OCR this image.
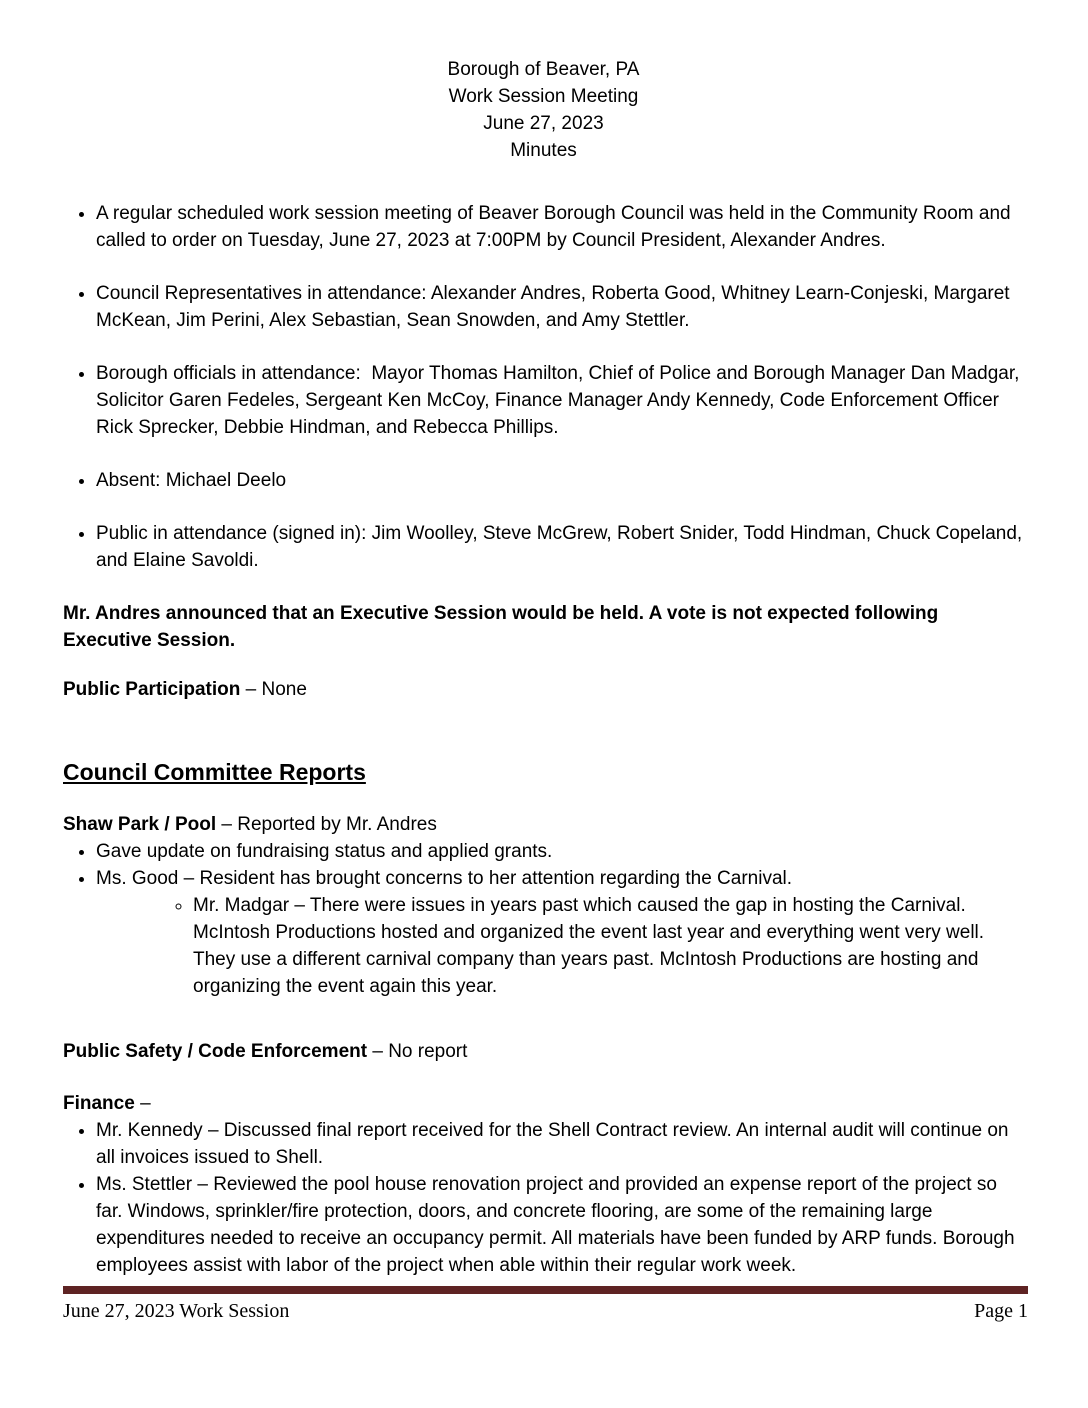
Borough of Beaver, PA
Work Session Meeting
June 27, 2023
Minutes
• A regular scheduled work session meeting of Beaver Borough Council was held in the Community Room and called to order on Tuesday, June 27, 2023 at 7:00PM by Council President, Alexander Andres.
• Council Representatives in attendance: Alexander Andres, Roberta Good, Whitney Learn-Conjeski, Margaret McKean, Jim Perini, Alex Sebastian, Sean Snowden, and Amy Stettler.
• Borough officials in attendance:  Mayor Thomas Hamilton, Chief of Police and Borough Manager Dan Madgar, Solicitor Garen Fedeles, Sergeant Ken McCoy, Finance Manager Andy Kennedy, Code Enforcement Officer Rick Sprecker, Debbie Hindman, and Rebecca Phillips.
• Absent: Michael Deelo
• Public in attendance (signed in): Jim Woolley, Steve McGrew, Robert Snider, Todd Hindman, Chuck Copeland, and Elaine Savoldi.

Mr. Andres announced that an Executive Session would be held. A vote is not expected following Executive Session.

Public Participation – None

Council Committee Reports

Shaw Park / Pool – Reported by Mr. Andres

• Gave update on fundraising status and applied grants.
• Ms. Good – Resident has brought concerns to her attention regarding the Carnival.
◦ Mr. Madgar – There were issues in years past which caused the gap in hosting the Carnival. McIntosh Productions hosted and organized the event last year and everything went very well. They use a different carnival company than years past. McIntosh Productions are hosting and organizing the event again this year.

Public Safety / Code Enforcement – No report

Finance –

• Mr. Kennedy – Discussed final report received for the Shell Contract review. An internal audit will continue on all invoices issued to Shell.
• Ms. Stettler – Reviewed the pool house renovation project and provided an expense report of the project so far. Windows, sprinkler/fire protection, doors, and concrete flooring, are some of the remaining large expenditures needed to receive an occupancy permit. All materials have been funded by ARP funds. Borough employees assist with labor of the project when able within their regular work week.
June 27, 2023 Work Session	Page 1
